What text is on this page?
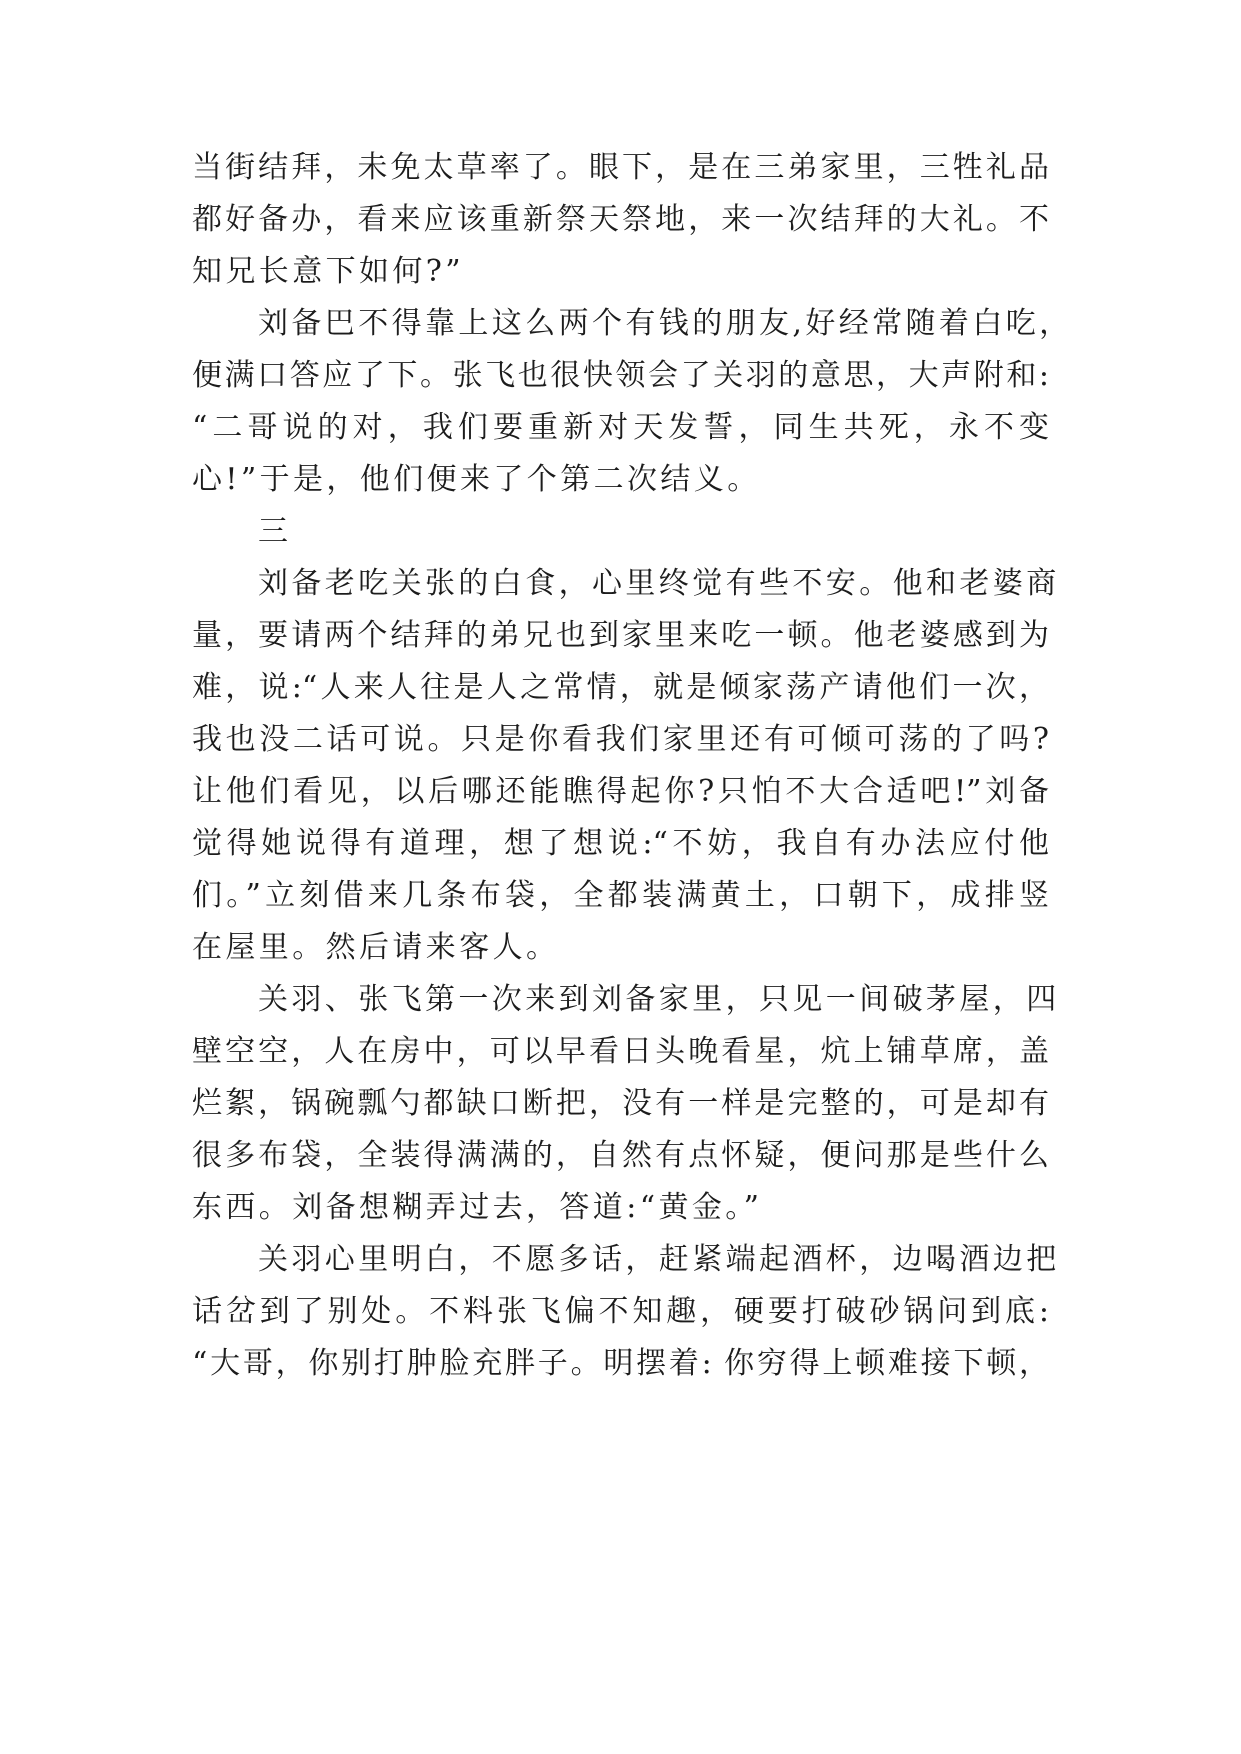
当街结拜，未免太草率了。眼下，是在三弟家里，三牲礼品

都好备办，看来应该重新祭天祭地，来一次结拜的大礼。不

知兄长意下如何?”

刘备巴不得靠上这么两个有钱的朋友,好经常随着白吃，

便满口答应了下。张飞也很快领会了关羽的意思，大声附和:

“二哥说的对，我们要重新对天发誓，同生共死，永不变

心!”于是，他们便来了个第二次结义。

三

刘备老吃关张的白食，心里终觉有些不安。他和老婆商

量，要请两个结拜的弟兄也到家里来吃一顿。他老婆感到为

难，说:“人来人往是人之常情，就是倾家荡产请他们一次，

我也没二话可说。只是你看我们家里还有可倾可荡的了吗?

让他们看见，以后哪还能瞧得起你?只怕不大合适吧!”刘备

觉得她说得有道理，想了想说:“不妨，我自有办法应付他

们。”立刻借来几条布袋，全都装满黄土，口朝下，成排竖

在屋里。然后请来客人。

关羽、张飞第一次来到刘备家里，只见一间破茅屋，四

壁空空，人在房中，可以早看日头晚看星，炕上铺草席，盖

烂絮，锅碗瓢勺都缺口断把，没有一样是完整的，可是却有

很多布袋，全装得满满的，自然有点怀疑，便问那是些什么

东西。刘备想糊弄过去，答道:“黄金。”

关羽心里明白，不愿多话，赶紧端起酒杯，边喝酒边把

话岔到了别处。不料张飞偏不知趣，硬要打破砂锅问到底:

“大哥，你别打肿脸充胖子。明摆着: 你穷得上顿难接下顿，
